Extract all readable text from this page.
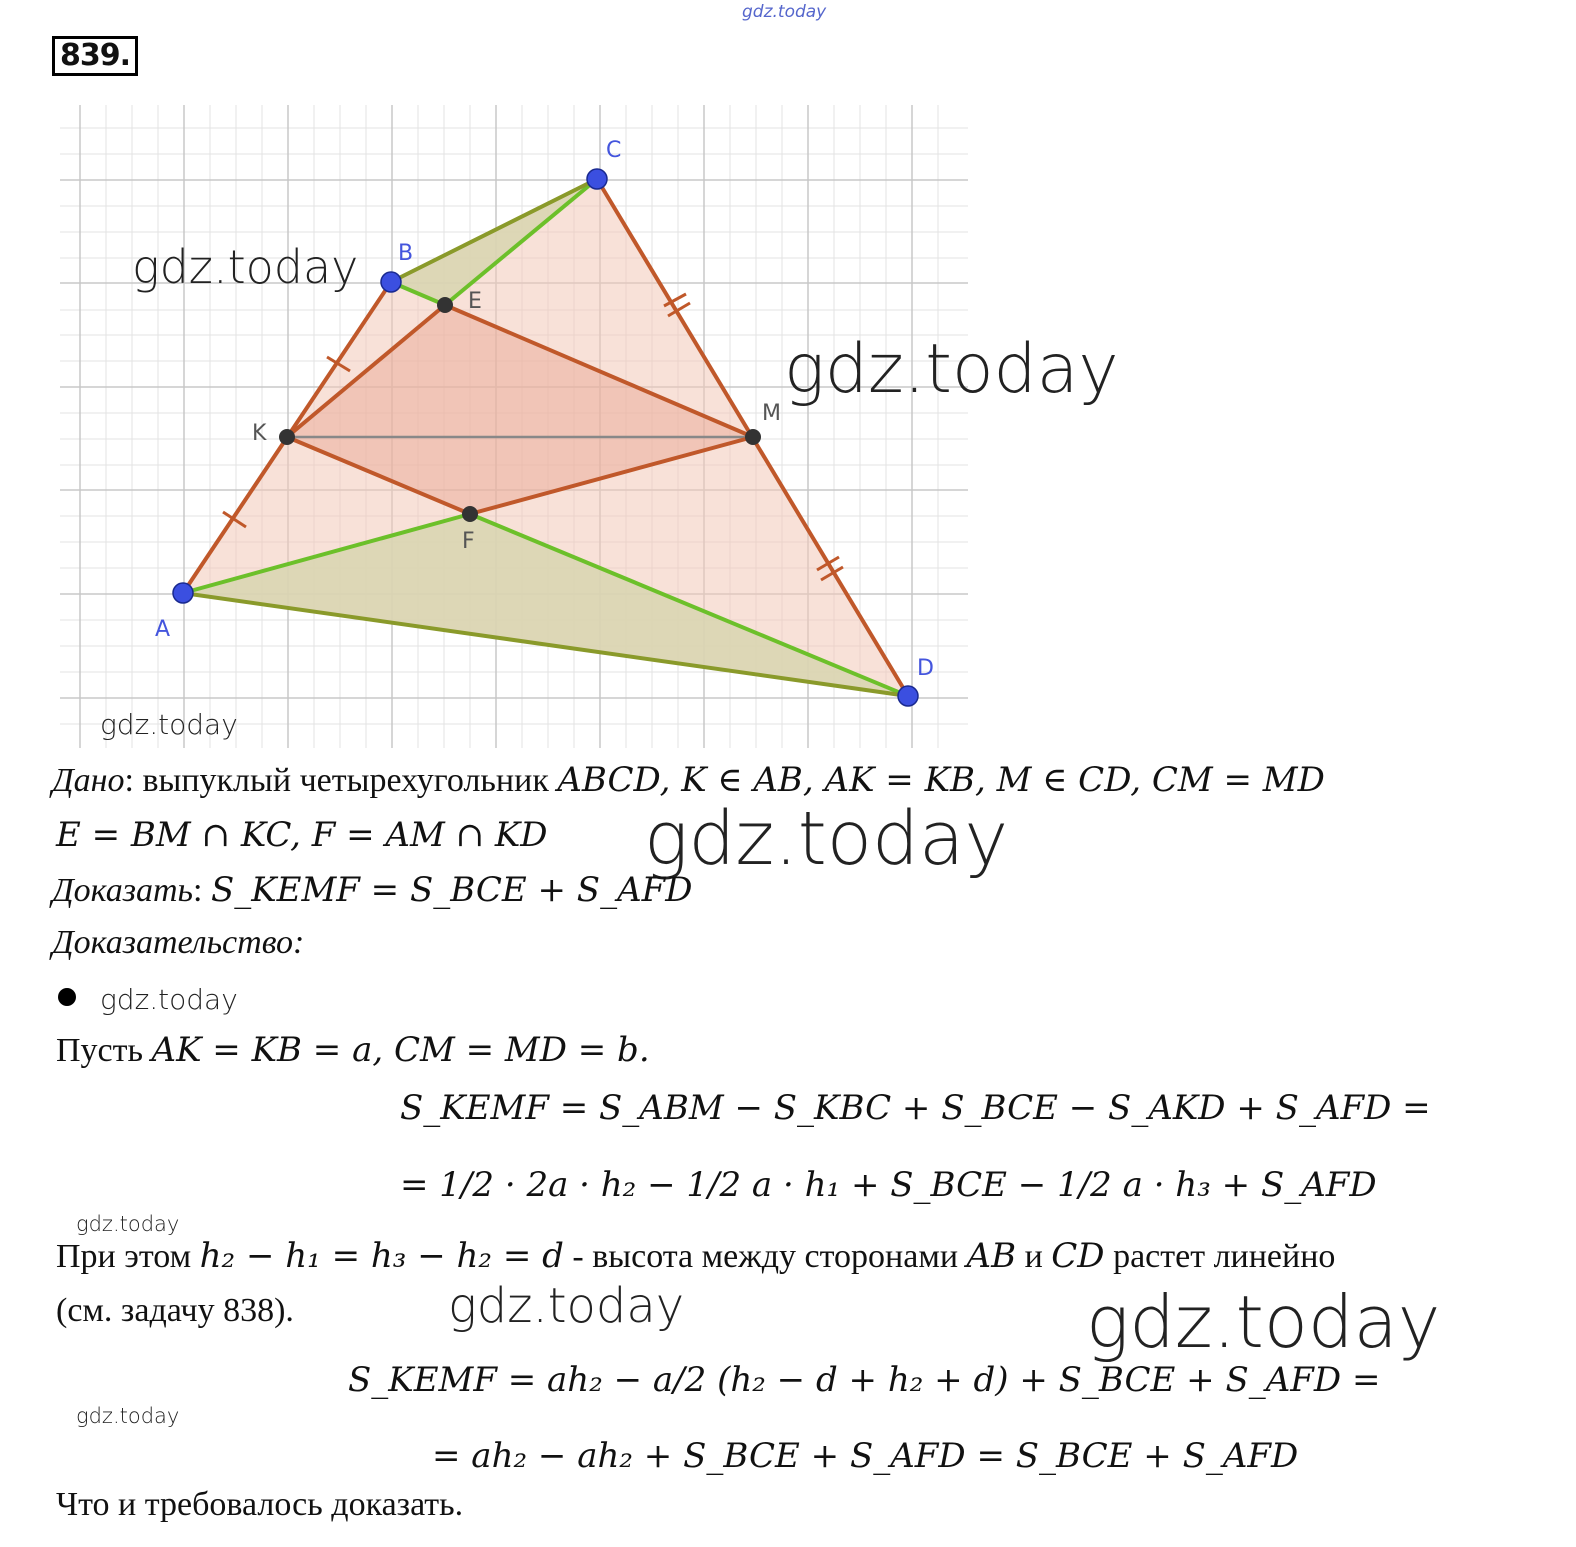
839.
gdz.today
A
B
C
D
E
F
K
M
gdz.today
gdz.today
gdz.today
Дано: выпуклый четырехугольник ABCD, K ∈ AB, AK = KB, M ∈ CD, CM = MD
E = BM ∩ KC, F = AM ∩ KD gdz.today
Доказать: S_KEMF = S_BCE + S_AFD
Доказательство:
gdz.today
Пусть AK = KB = a, CM = MD = b.
S_KEMF = S_ABM − S_KBC + S_BCE − S_AKD + S_AFD =
= 1/2 · 2a · h₂ − 1/2 a · h₁ + S_BCE − 1/2 a · h₃ + S_AFD
gdz.today
При этом h₂ − h₁ = h₃ − h₂ = d - высота между сторонами AB и CD растет линейно
(см. задачу 838).	gdz.today	gdz.today
S_KEMF = ah₂ − a/2 (h₂ − d + h₂ + d) + S_BCE + S_AFD =
gdz.today
= ah₂ − ah₂ + S_BCE + S_AFD = S_BCE + S_AFD
Что и требовалось доказать.
